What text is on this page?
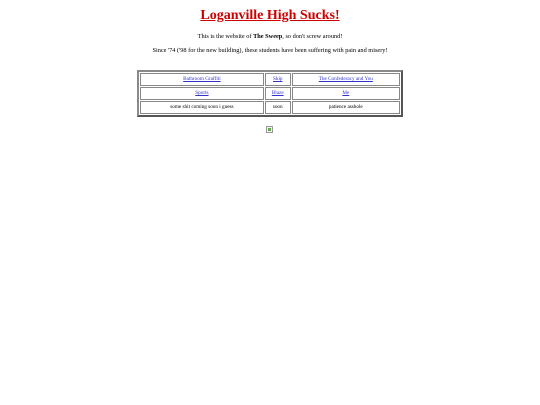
Loganville High Sucks!

This is the website of The Sweep, so don't screw around!

Since '74 ('98 for the new building), these students have been suffering with pain and misery!

Bathroom Graffiti	Skip	The Confederacy and You
Sports	Blaze	Me
some shit coming soon i guess	soon	patience asshole
